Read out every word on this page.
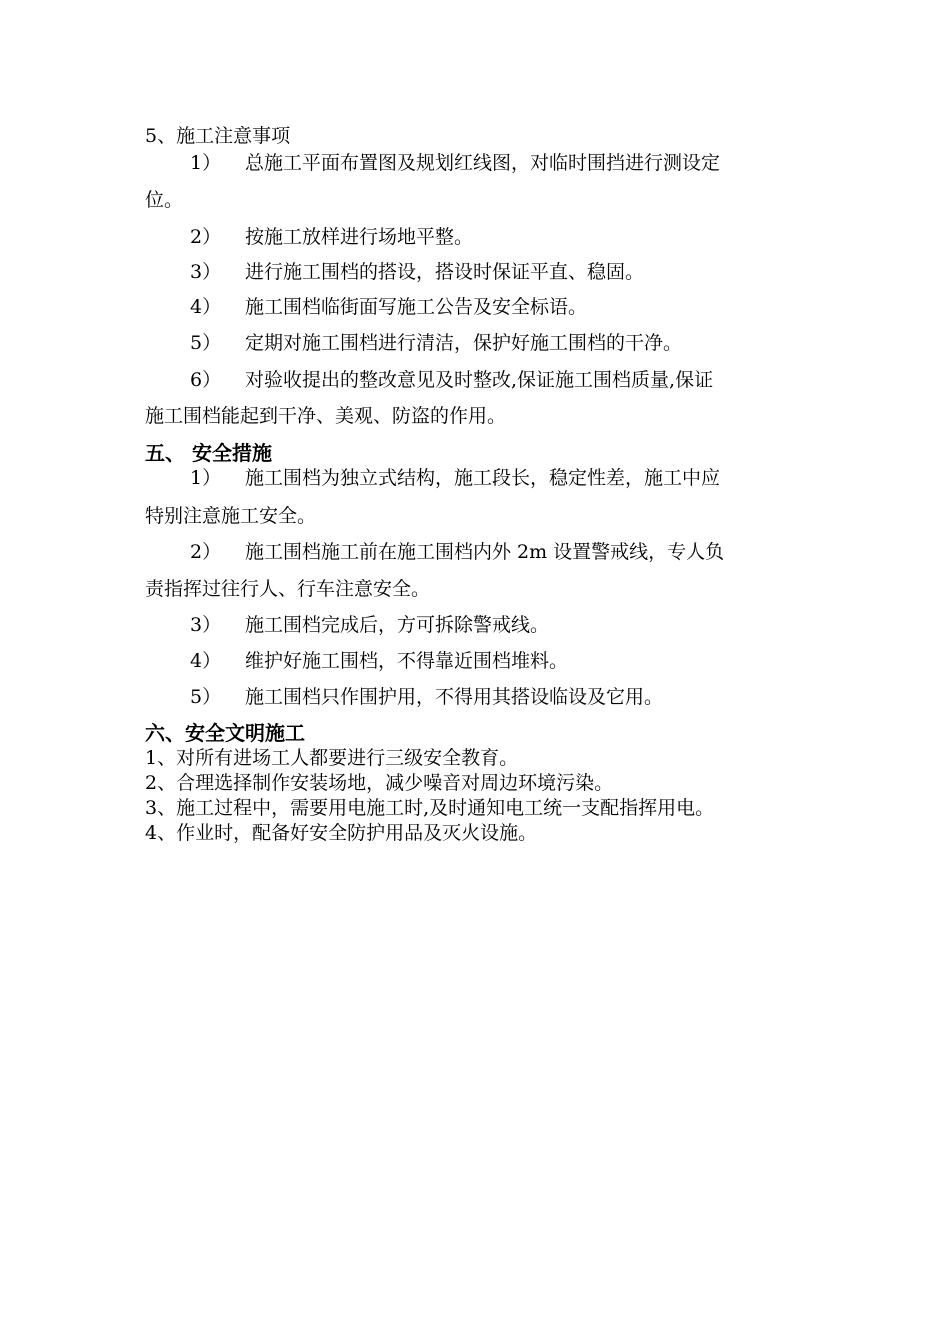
5、施工注意事项
1） 总施工平面布置图及规划红线图，对临时围挡进行测设定
位。
2） 按施工放样进行场地平整。
3） 进行施工围档的搭设，搭设时保证平直、稳固。
4） 施工围档临街面写施工公告及安全标语。
5） 定期对施工围档进行清洁，保护好施工围档的干净。
6） 对验收提出的整改意见及时整改,保证施工围档质量,保证
施工围档能起到干净、美观、防盗的作用。
五、 安全措施
1） 施工围档为独立式结构，施工段长，稳定性差，施工中应
特别注意施工安全。
2） 施工围档施工前在施工围档内外 2m 设置警戒线，专人负
责指挥过往行人、行车注意安全。
3） 施工围档完成后，方可拆除警戒线。
4） 维护好施工围档，不得靠近围档堆料。
5） 施工围档只作围护用，不得用其搭设临设及它用。
六、安全文明施工
1、对所有进场工人都要进行三级安全教育。
2、合理选择制作安装场地，减少噪音对周边环境污染。
3、施工过程中，需要用电施工时,及时通知电工统一支配指挥用电。
4、作业时，配备好安全防护用品及灭火设施。
